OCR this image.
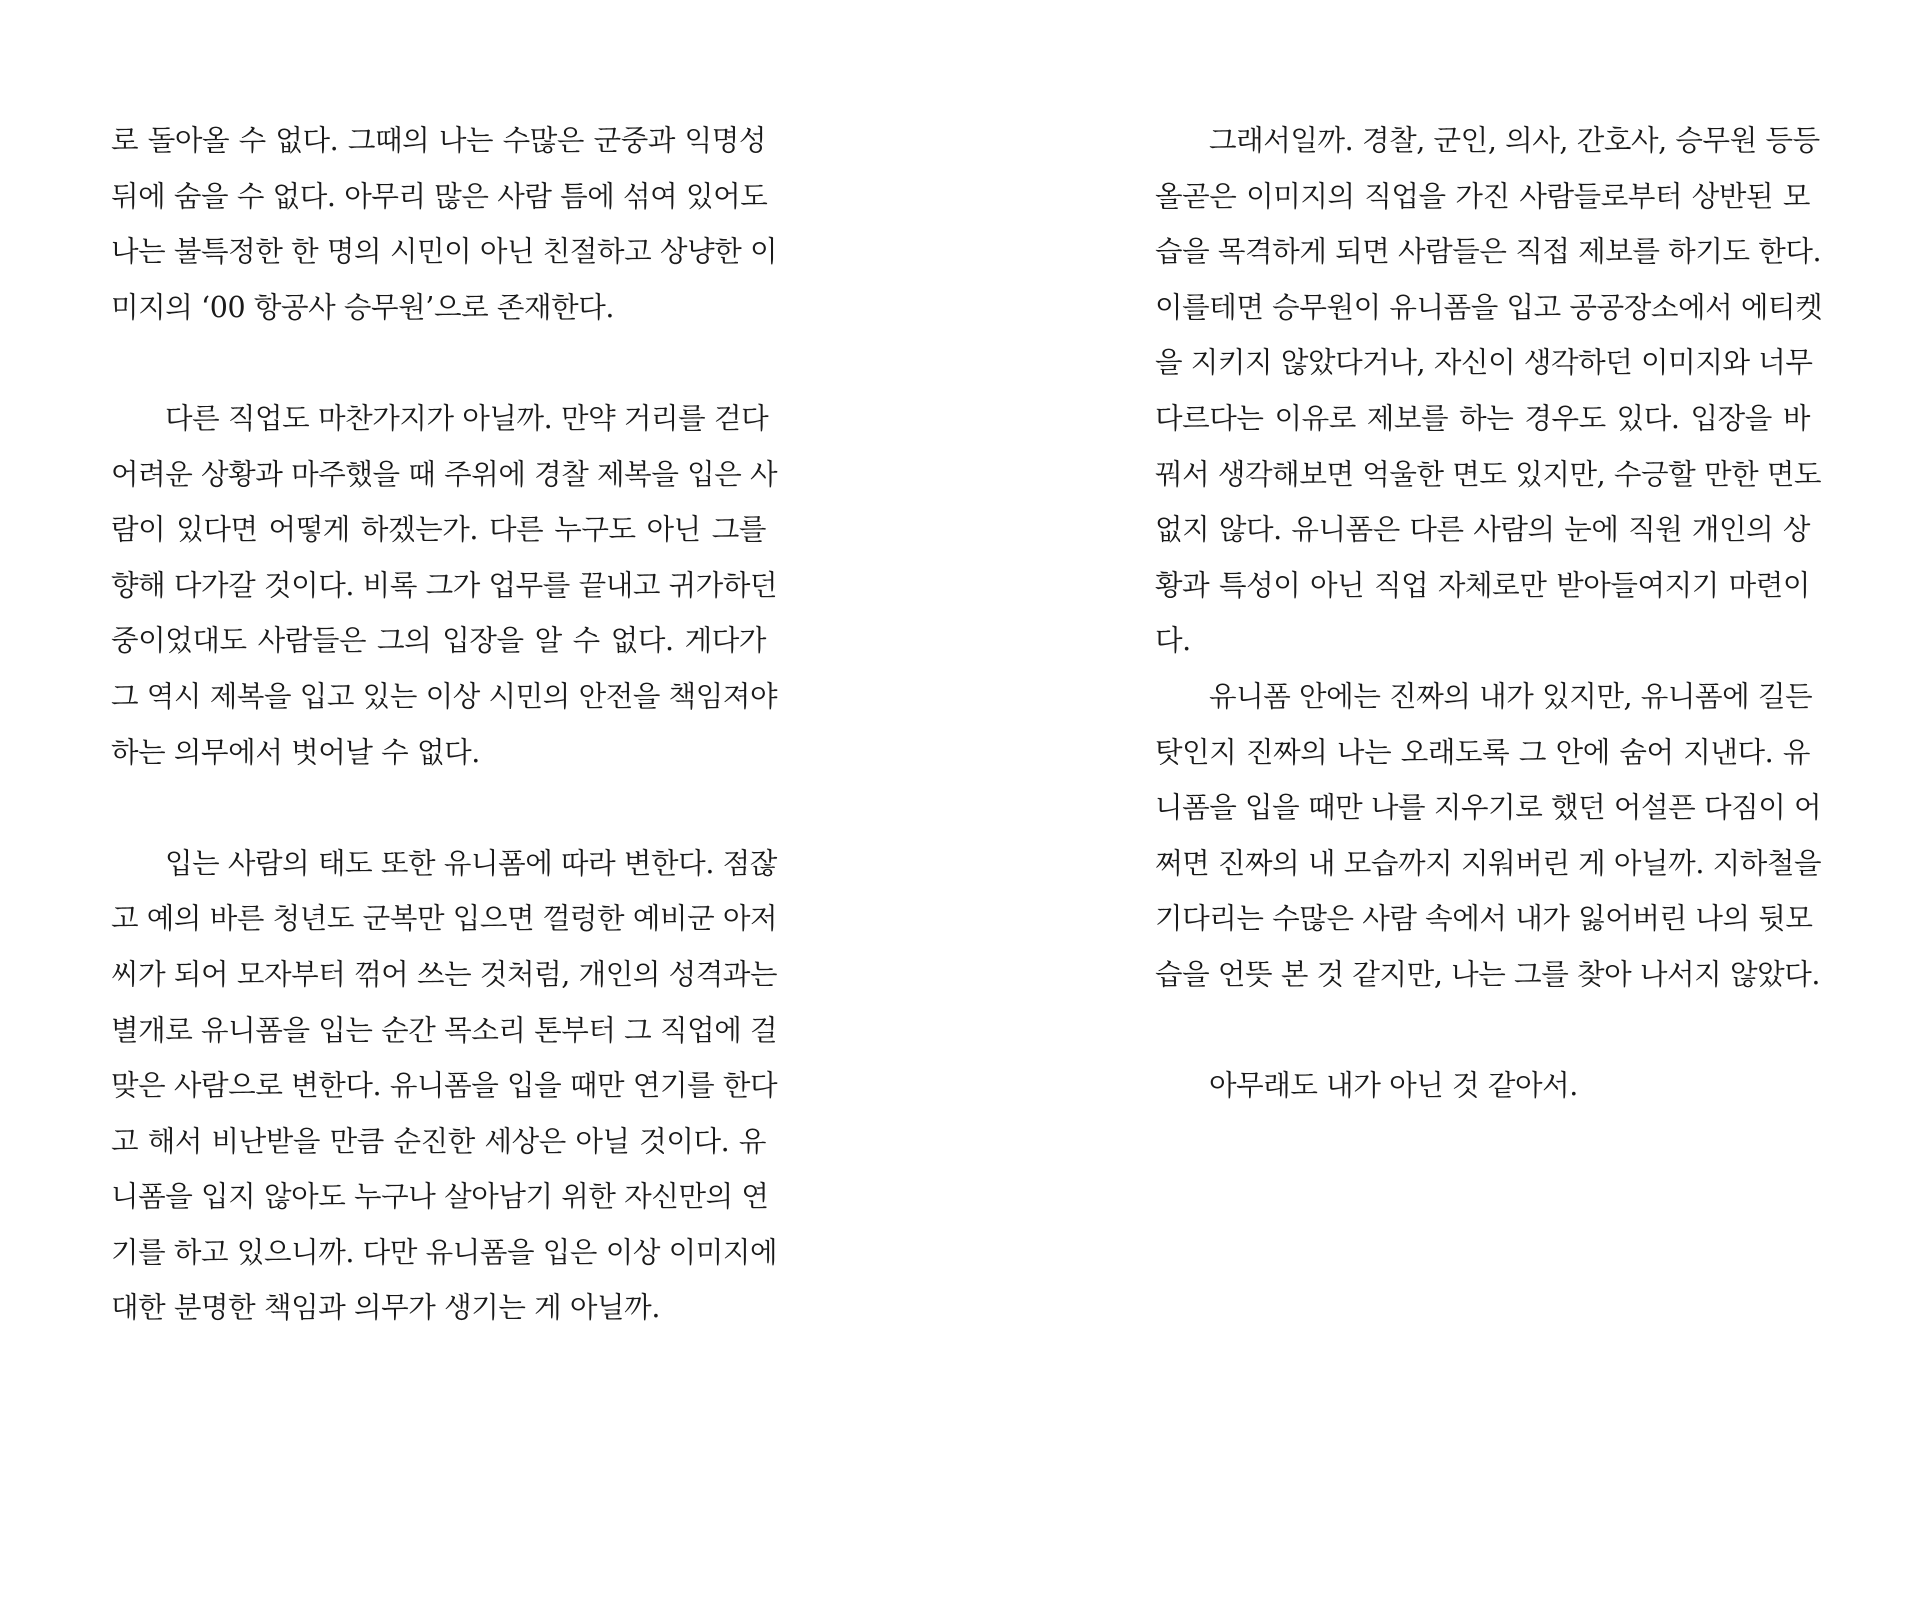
로 돌아올 수 없다. 그때의 나는 수많은 군중과 익명성
뒤에 숨을 수 없다. 아무리 많은 사람 틈에 섞여 있어도
나는 불특정한 한 명의 시민이 아닌 친절하고 상냥한 이
미지의 ‘00 항공사 승무원’으로 존재한다.
다른 직업도 마찬가지가 아닐까. 만약 거리를 걷다
어려운 상황과 마주했을 때 주위에 경찰 제복을 입은 사
람이 있다면 어떻게 하겠는가. 다른 누구도 아닌 그를
향해 다가갈 것이다. 비록 그가 업무를 끝내고 귀가하던
중이었대도 사람들은 그의 입장을 알 수 없다. 게다가
그 역시 제복을 입고 있는 이상 시민의 안전을 책임져야
하는 의무에서 벗어날 수 없다.
입는 사람의 태도 또한 유니폼에 따라 변한다. 점잖
고 예의 바른 청년도 군복만 입으면 껄렁한 예비군 아저
씨가 되어 모자부터 꺾어 쓰는 것처럼, 개인의 성격과는
별개로 유니폼을 입는 순간 목소리 톤부터 그 직업에 걸
맞은 사람으로 변한다. 유니폼을 입을 때만 연기를 한다
고 해서 비난받을 만큼 순진한 세상은 아닐 것이다. 유
니폼을 입지 않아도 누구나 살아남기 위한 자신만의 연
기를 하고 있으니까. 다만 유니폼을 입은 이상 이미지에
대한 분명한 책임과 의무가 생기는 게 아닐까.
그래서일까. 경찰, 군인, 의사, 간호사, 승무원 등등
올곧은 이미지의 직업을 가진 사람들로부터 상반된 모
습을 목격하게 되면 사람들은 직접 제보를 하기도 한다.
이를테면 승무원이 유니폼을 입고 공공장소에서 에티켓
을 지키지 않았다거나, 자신이 생각하던 이미지와 너무
다르다는 이유로 제보를 하는 경우도 있다. 입장을 바
꿔서 생각해보면 억울한 면도 있지만, 수긍할 만한 면도
없지 않다. 유니폼은 다른 사람의 눈에 직원 개인의 상
황과 특성이 아닌 직업 자체로만 받아들여지기 마련이
다.
유니폼 안에는 진짜의 내가 있지만, 유니폼에 길든
탓인지 진짜의 나는 오래도록 그 안에 숨어 지낸다. 유
니폼을 입을 때만 나를 지우기로 했던 어설픈 다짐이 어
쩌면 진짜의 내 모습까지 지워버린 게 아닐까. 지하철을
기다리는 수많은 사람 속에서 내가 잃어버린 나의 뒷모
습을 언뜻 본 것 같지만, 나는 그를 찾아 나서지 않았다.
아무래도 내가 아닌 것 같아서.
